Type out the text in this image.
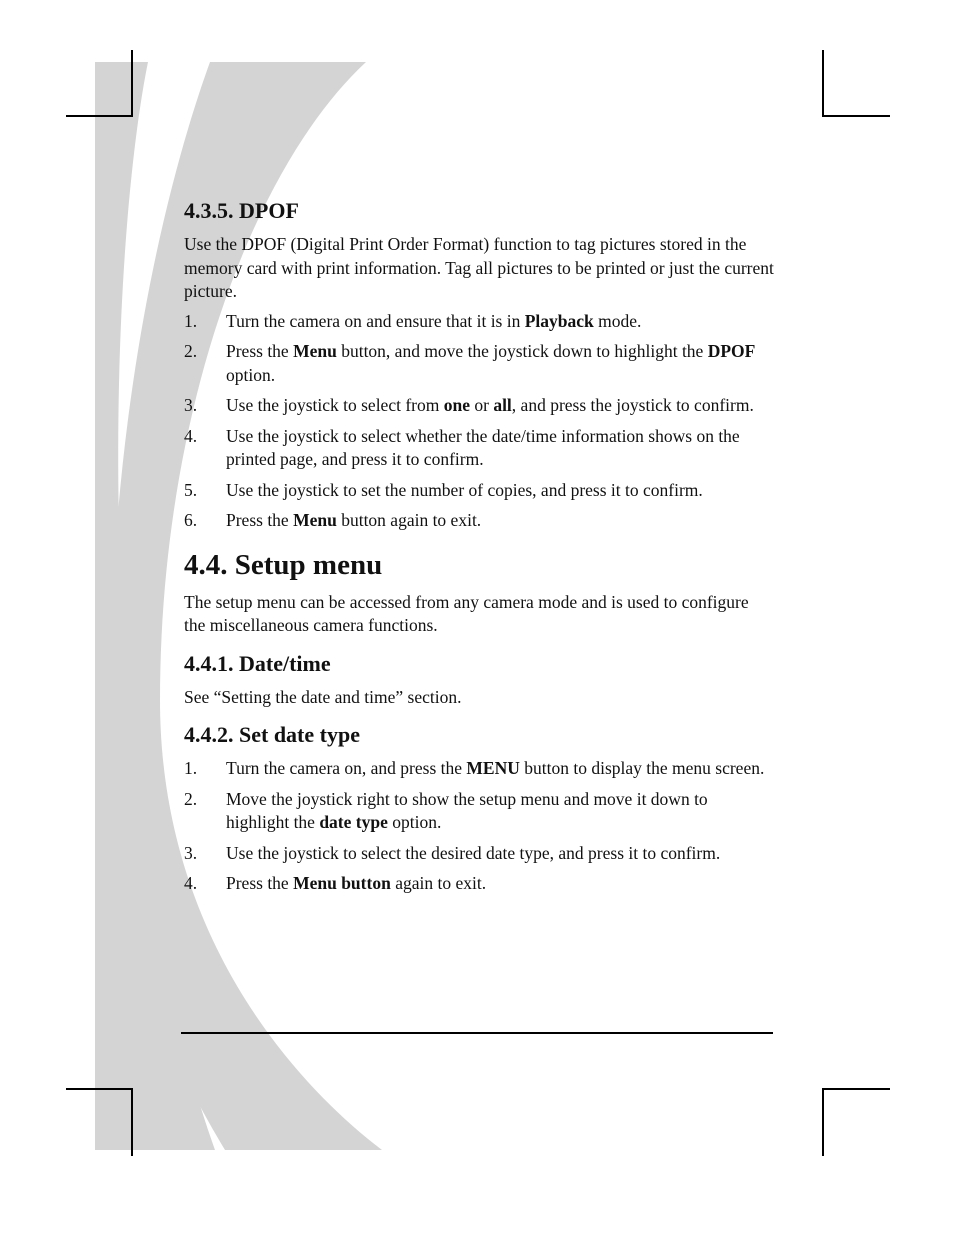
4.3.5. DPOF

Use the DPOF (Digital Print Order Format) function to tag pictures stored in the memory card with print information. Tag all pictures to be printed or just the current picture.

1. Turn the camera on and ensure that it is in Playback mode.
2. Press the Menu button, and move the joystick down to highlight the DPOF option.
3. Use the joystick to select from one or all, and press the joystick to confirm.
4. Use the joystick to select whether the date/time information shows on the printed page, and press it to confirm.
5. Use the joystick to set the number of copies, and press it to confirm.
6. Press the Menu button again to exit.
4.4. Setup menu

The setup menu can be accessed from any camera mode and is used to configure the miscellaneous camera functions.

4.4.1. Date/time

See “Setting the date and time” section.

4.4.2. Set date type
1. Turn the camera on, and press the MENU button to display the menu screen.
2. Move the joystick right to show the setup menu and move it down to highlight the date type option.
3. Use the joystick to select the desired date type, and press it to confirm.
4. Press the Menu button again to exit.
